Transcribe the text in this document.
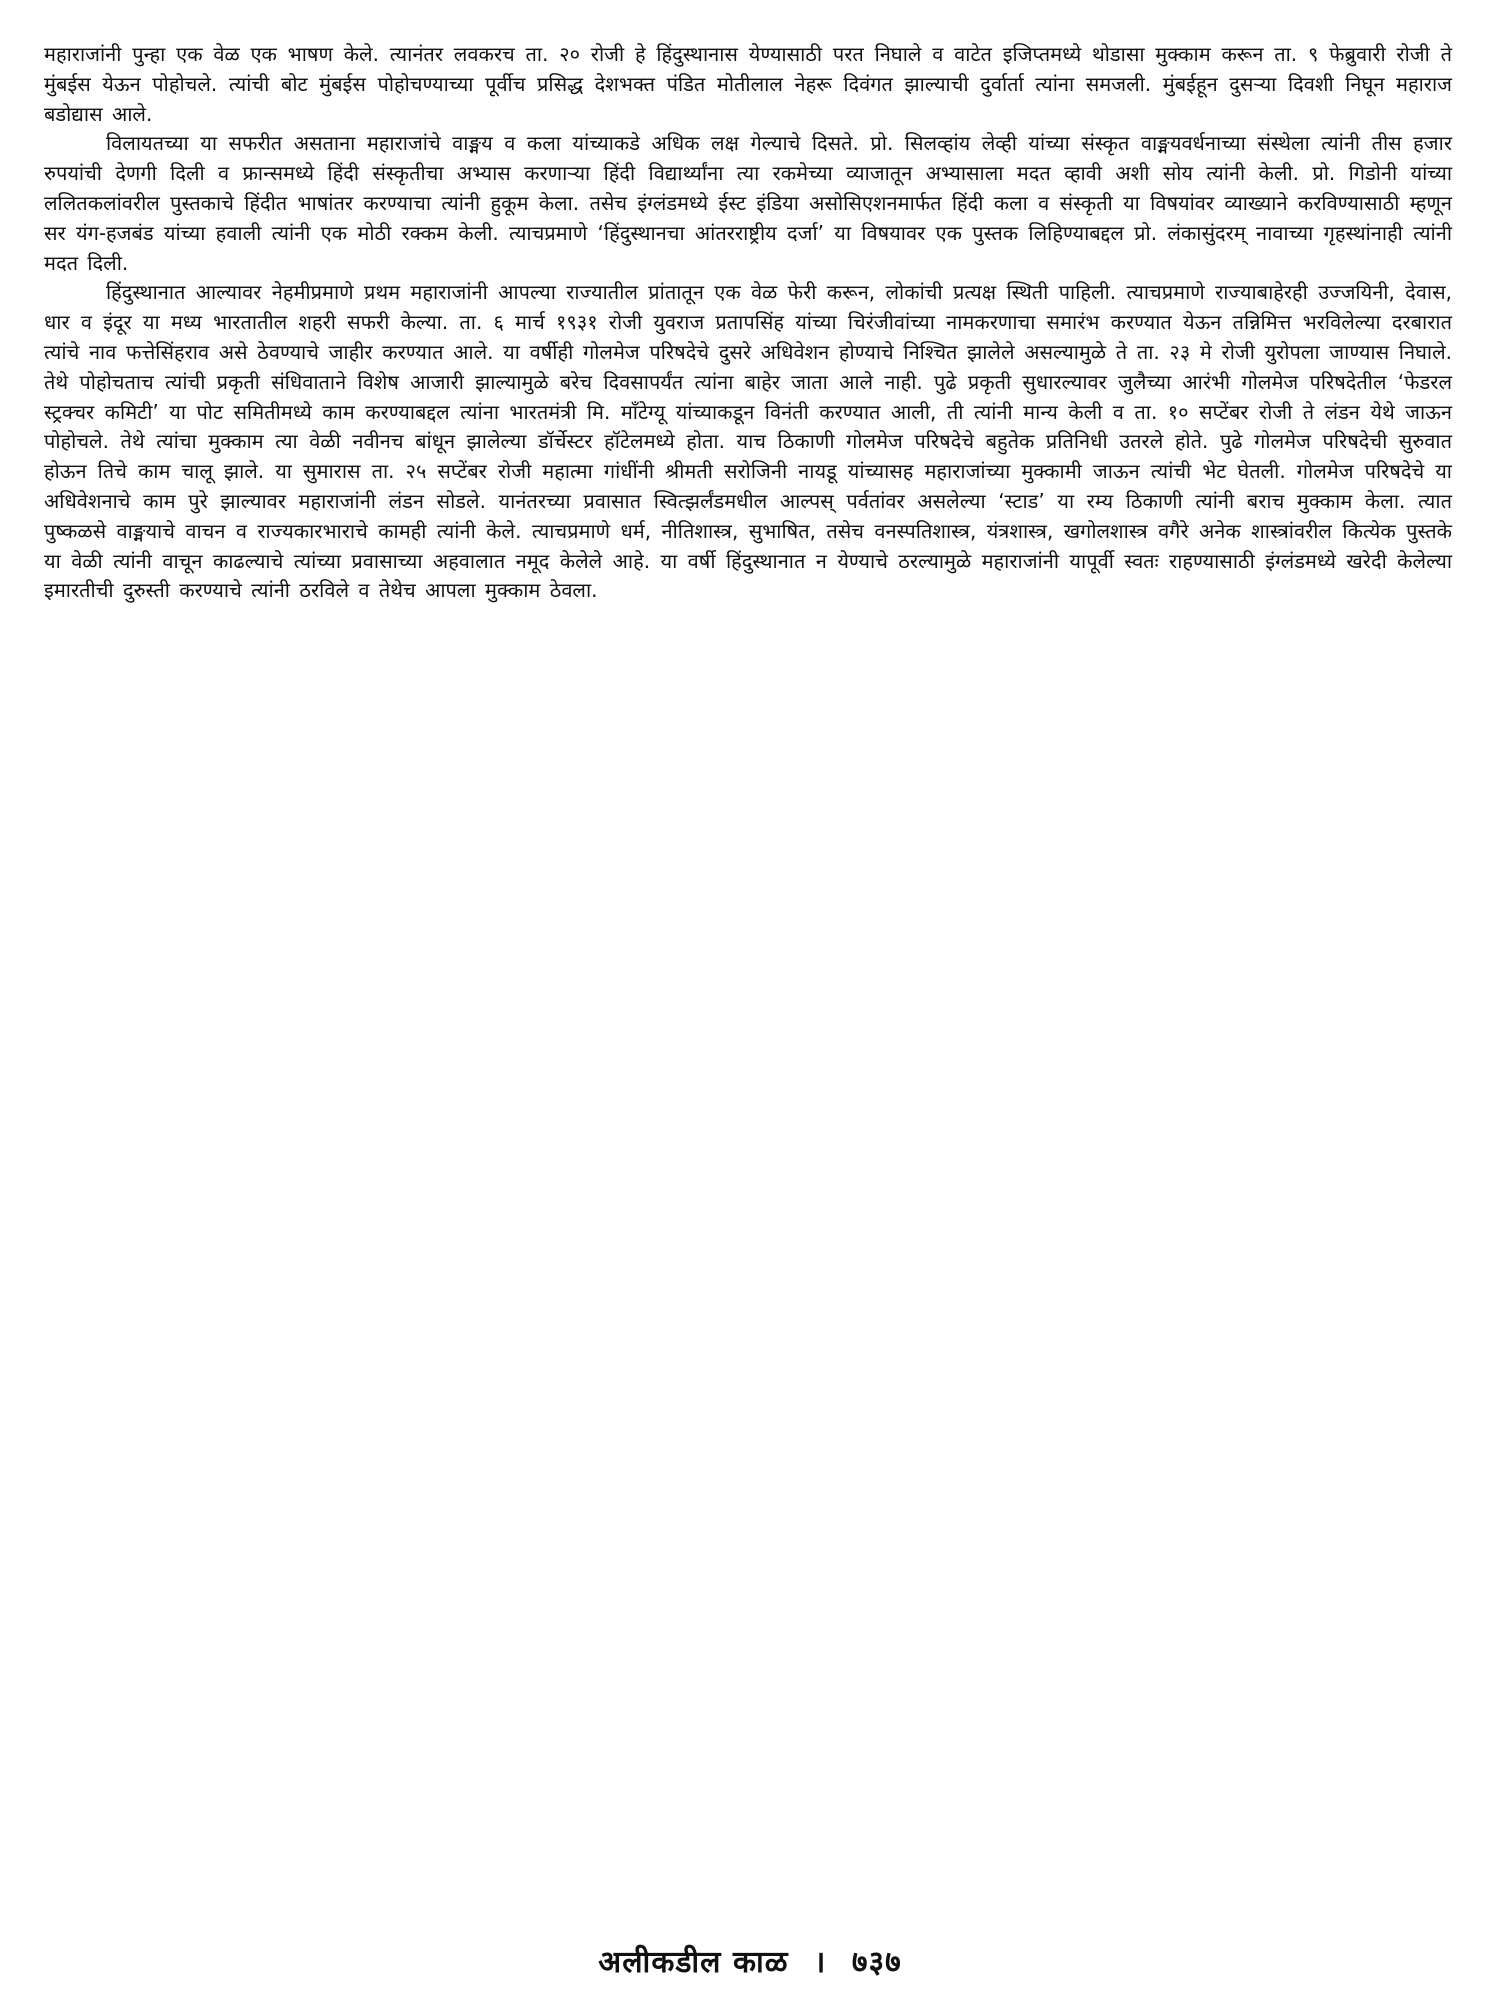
महाराजांनी पुन्हा एक वेळ एक भाषण केले. त्यानंतर लवकरच ता. २० रोजी हे हिंदुस्थानास येण्यासाठी परत निघाले व वाटेत इजिप्तमध्ये थोडासा मुक्काम करून ता. ९ फेब्रुवारी रोजी ते मुंबईस येऊन पोहोचले. त्यांची बोट मुंबईस पोहोचण्याच्या पूर्वीच प्रसिद्ध देशभक्त पंडित मोतीलाल नेहरू दिवंगत झाल्याची दुर्वार्ता त्यांना समजली. मुंबईहून दुसऱ्या दिवशी निघून महाराज बडोद्यास आले.

विलायतच्या या सफरीत असताना महाराजांचे वाङ्मय व कला यांच्याकडे अधिक लक्ष गेल्याचे दिसते. प्रो. सिलव्हांय लेव्ही यांच्या संस्कृत वाङ्मयवर्धनाच्या संस्थेला त्यांनी तीस हजार रुपयांची देणगी दिली व फ्रान्समध्ये हिंदी संस्कृतीचा अभ्यास करणाऱ्या हिंदी विद्यार्थ्यांना त्या रकमेच्या व्याजातून अभ्यासाला मदत व्हावी अशी सोय त्यांनी केली. प्रो. गिडोनी यांच्या ललितकलांवरील पुस्तकाचे हिंदीत भाषांतर करण्याचा त्यांनी हुकूम केला. तसेच इंग्लंडमध्ये ईस्ट इंडिया असोसिएशनमार्फत हिंदी कला व संस्कृती या विषयांवर व्याख्याने करविण्यासाठी म्हणून सर यंग-हजबंड यांच्या हवाली त्यांनी एक मोठी रक्कम केली. त्याचप्रमाणे ‘हिंदुस्थानचा आंतरराष्ट्रीय दर्जा’ या विषयावर एक पुस्तक लिहिण्याबद्दल प्रो. लंकासुंदरम् नावाच्या गृहस्थांनाही त्यांनी मदत दिली.

हिंदुस्थानात आल्यावर नेहमीप्रमाणे प्रथम महाराजांनी आपल्या राज्यातील प्रांतातून एक वेळ फेरी करून, लोकांची प्रत्यक्ष स्थिती पाहिली. त्याचप्रमाणे राज्याबाहेरही उज्जयिनी, देवास, धार व इंदूर या मध्य भारतातील शहरी सफरी केल्या. ता. ६ मार्च १९३१ रोजी युवराज प्रतापसिंह यांच्या चिरंजीवांच्या नामकरणाचा समारंभ करण्यात येऊन तन्निमित्त भरविलेल्या दरबारात त्यांचे नाव फत्तेसिंहराव असे ठेवण्याचे जाहीर करण्यात आले. या वर्षीही गोलमेज परिषदेचे दुसरे अधिवेशन होण्याचे निश्चित झालेले असल्यामुळे ते ता. २३ मे रोजी युरोपला जाण्यास निघाले. तेथे पोहोचताच त्यांची प्रकृती संधिवाताने विशेष आजारी झाल्यामुळे बरेच दिवसापर्यंत त्यांना बाहेर जाता आले नाही. पुढे प्रकृती सुधारल्यावर जुलैच्या आरंभी गोलमेज परिषदेतील ‘फेडरल स्ट्रक्चर कमिटी’ या पोट समितीमध्ये काम करण्याबद्दल त्यांना भारतमंत्री मि. मॉंटेग्यू यांच्याकडून विनंती करण्यात आली, ती त्यांनी मान्य केली व ता. १० सप्टेंबर रोजी ते लंडन येथे जाऊन पोहोचले. तेथे त्यांचा मुक्काम त्या वेळी नवीनच बांधून झालेल्या डॉर्चेस्टर हॉटेलमध्ये होता. याच ठिकाणी गोलमेज परिषदेचे बहुतेक प्रतिनिधी उतरले होते. पुढे गोलमेज परिषदेची सुरुवात होऊन तिचे काम चालू झाले. या सुमारास ता. २५ सप्टेंबर रोजी महात्मा गांधींनी श्रीमती सरोजिनी नायडू यांच्यासह महाराजांच्या मुक्कामी जाऊन त्यांची भेट घेतली. गोलमेज परिषदेचे या अधिवेशनाचे काम पुरे झाल्यावर महाराजांनी लंडन सोडले. यानंतरच्या प्रवासात स्वित्झर्लंडमधील आल्पस् पर्वतांवर असलेल्या ‘स्टाड’ या रम्य ठिकाणी त्यांनी बराच मुक्काम केला. त्यात पुष्कळसे वाङ्मयाचे वाचन व राज्यकारभाराचे कामही त्यांनी केले. त्याचप्रमाणे धर्म, नीतिशास्त्र, सुभाषित, तसेच वनस्पतिशास्त्र, यंत्रशास्त्र, खगोलशास्त्र वगैरे अनेक शास्त्रांवरील कित्येक पुस्तके या वेळी त्यांनी वाचून काढल्याचे त्यांच्या प्रवासाच्या अहवालात नमूद केलेले आहे. या वर्षी हिंदुस्थानात न येण्याचे ठरल्यामुळे महाराजांनी यापूर्वी स्वतः राहण्यासाठी इंग्लंडमध्ये खरेदी केलेल्या इमारतीची दुरुस्ती करण्याचे त्यांनी ठरविले व तेथेच आपला मुक्काम ठेवला.

अलीकडील काळ । ७३७
